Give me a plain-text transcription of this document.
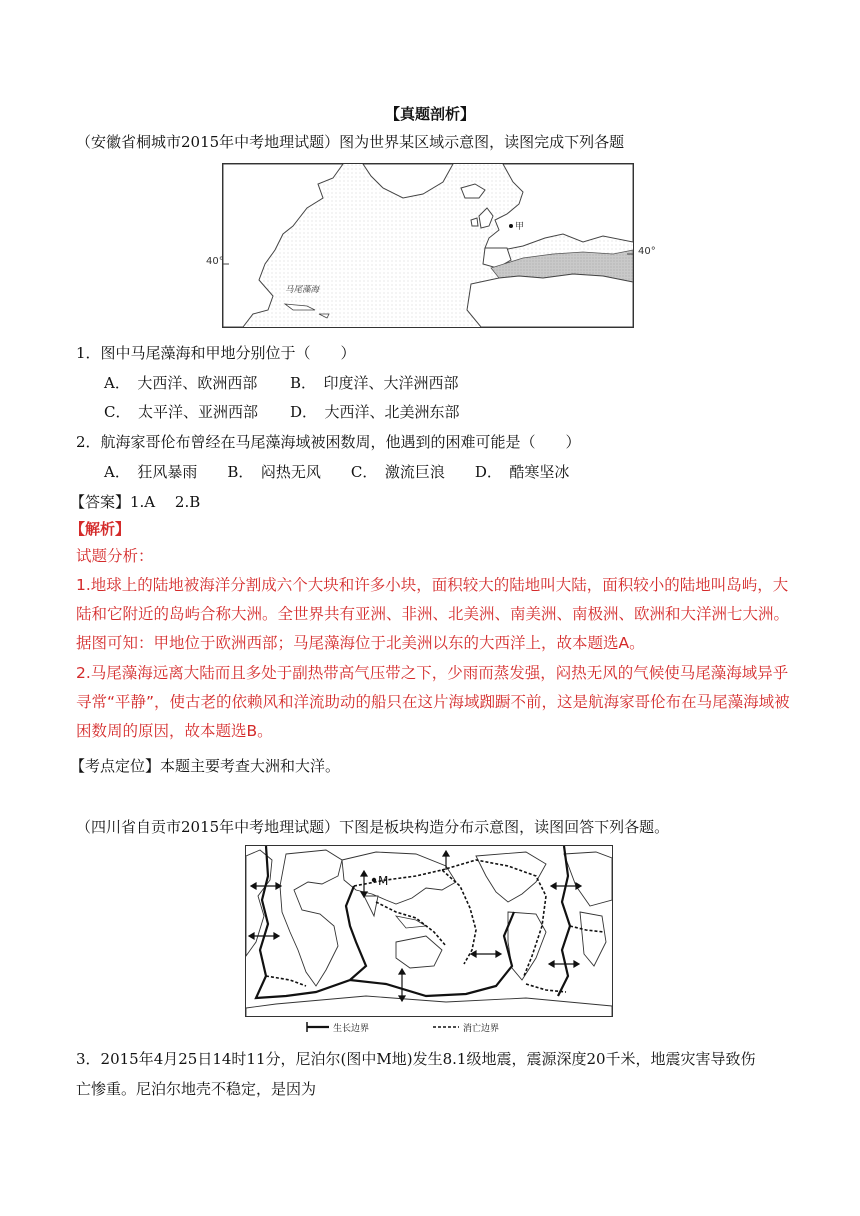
【真题剖析】
（安徽省桐城市2015年中考地理试题）图为世界某区域示意图，读图完成下列各题
甲
马尾藻海
40°
40°
1．图中马尾藻海和甲地分别位于（　　）
A．　大西洋、欧洲西部 B．　印度洋、大洋洲西部
C．　太平洋、亚洲西部 D．　大西洋、北美洲东部
2．航海家哥伦布曾经在马尾藻海域被困数周，他遇到的困难可能是（　　）
A．　狂风暴雨　　B．　闷热无风　　C．　激流巨浪　　D．　酷寒坚冰
【答案】1.A　 2.B
【解析】
试题分析：
1.地球上的陆地被海洋分割成六个大块和许多小块，面积较大的陆地叫大陆，面积较小的陆地叫岛屿，大
陆和它附近的岛屿合称大洲。全世界共有亚洲、非洲、北美洲、南美洲、南极洲、欧洲和大洋洲七大洲。
据图可知：甲地位于欧洲西部；马尾藻海位于北美洲以东的大西洋上，故本题选A。
2.马尾藻海远离大陆而且多处于副热带高气压带之下，少雨而蒸发强，闷热无风的气候使马尾藻海域异乎
寻常“平静”，使古老的依赖风和洋流助动的船只在这片海域踟蹰不前，这是航海家哥伦布在马尾藻海域被
困数周的原因，故本题选B。
【考点定位】本题主要考查大洲和大洋。
（四川省自贡市2015年中考地理试题）下图是板块构造分布示意图，读图回答下列各题。
M
生长边界	消亡边界
3．2015年4月25日14时11分，尼泊尔(图中M地)发生8.1级地震，震源深度20千米，地震灾害导致伤
亡惨重。尼泊尔地壳不稳定，是因为
